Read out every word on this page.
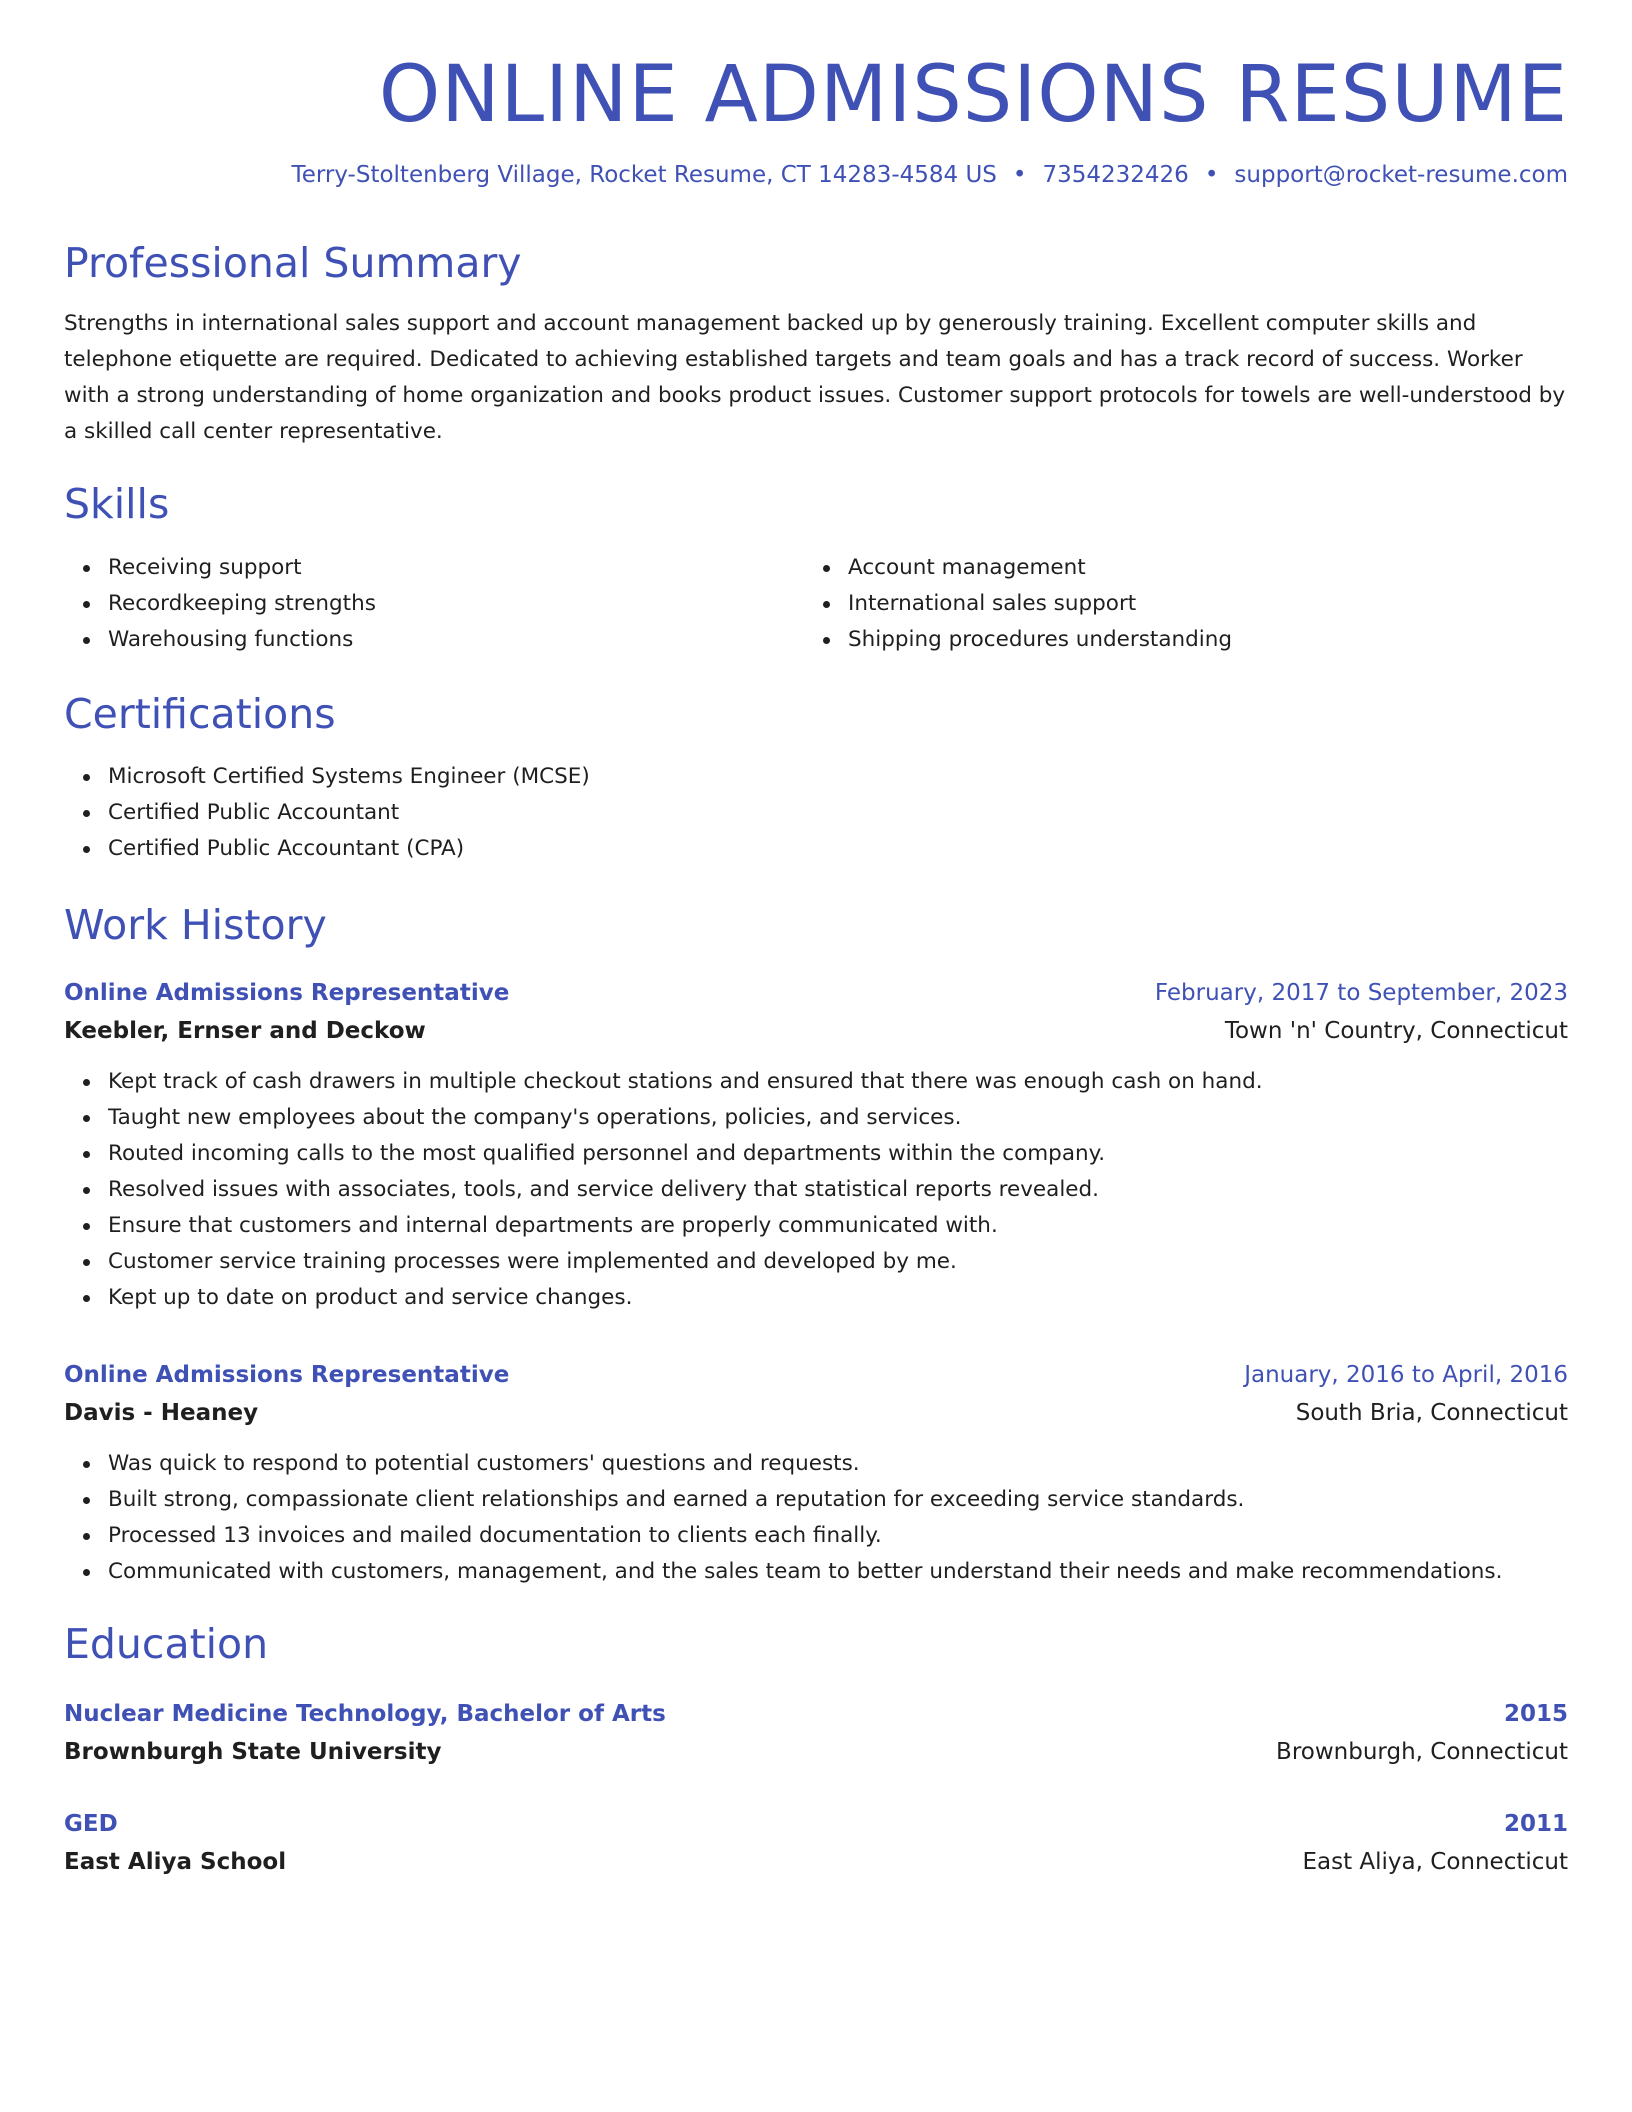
ONLINE ADMISSIONS RESUME
Terry-Stoltenberg Village, Rocket Resume, CT 14283-4584 US • 7354232426 • support@rocket-resume.com
Professional Summary

Strengths in international sales support and account management backed up by generously training. Excellent computer skills and telephone etiquette are required. Dedicated to achieving established targets and team goals and has a track record of success. Worker with a strong understanding of home organization and books product issues. Customer support protocols for towels are well-understood by a skilled call center representative.

Skills
Receiving support
Recordkeeping strengths
Warehousing functions
Account management
International sales support
Shipping procedures understanding
Certifications
Microsoft Certified Systems Engineer (MCSE)
Certified Public Accountant
Certified Public Accountant (CPA)
Work History
Online Admissions Representative	February, 2017 to September, 2023
Keebler, Ernser and Deckow	Town 'n' Country, Connecticut
Kept track of cash drawers in multiple checkout stations and ensured that there was enough cash on hand.
Taught new employees about the company's operations, policies, and services.
Routed incoming calls to the most qualified personnel and departments within the company.
Resolved issues with associates, tools, and service delivery that statistical reports revealed.
Ensure that customers and internal departments are properly communicated with.
Customer service training processes were implemented and developed by me.
Kept up to date on product and service changes.
Online Admissions Representative	January, 2016 to April, 2016
Davis - Heaney	South Bria, Connecticut
Was quick to respond to potential customers' questions and requests.
Built strong, compassionate client relationships and earned a reputation for exceeding service standards.
Processed 13 invoices and mailed documentation to clients each finally.
Communicated with customers, management, and the sales team to better understand their needs and make recommendations.
Education
Nuclear Medicine Technology, Bachelor of Arts	2015
Brownburgh State University	Brownburgh, Connecticut
GED	2011
East Aliya School	East Aliya, Connecticut
